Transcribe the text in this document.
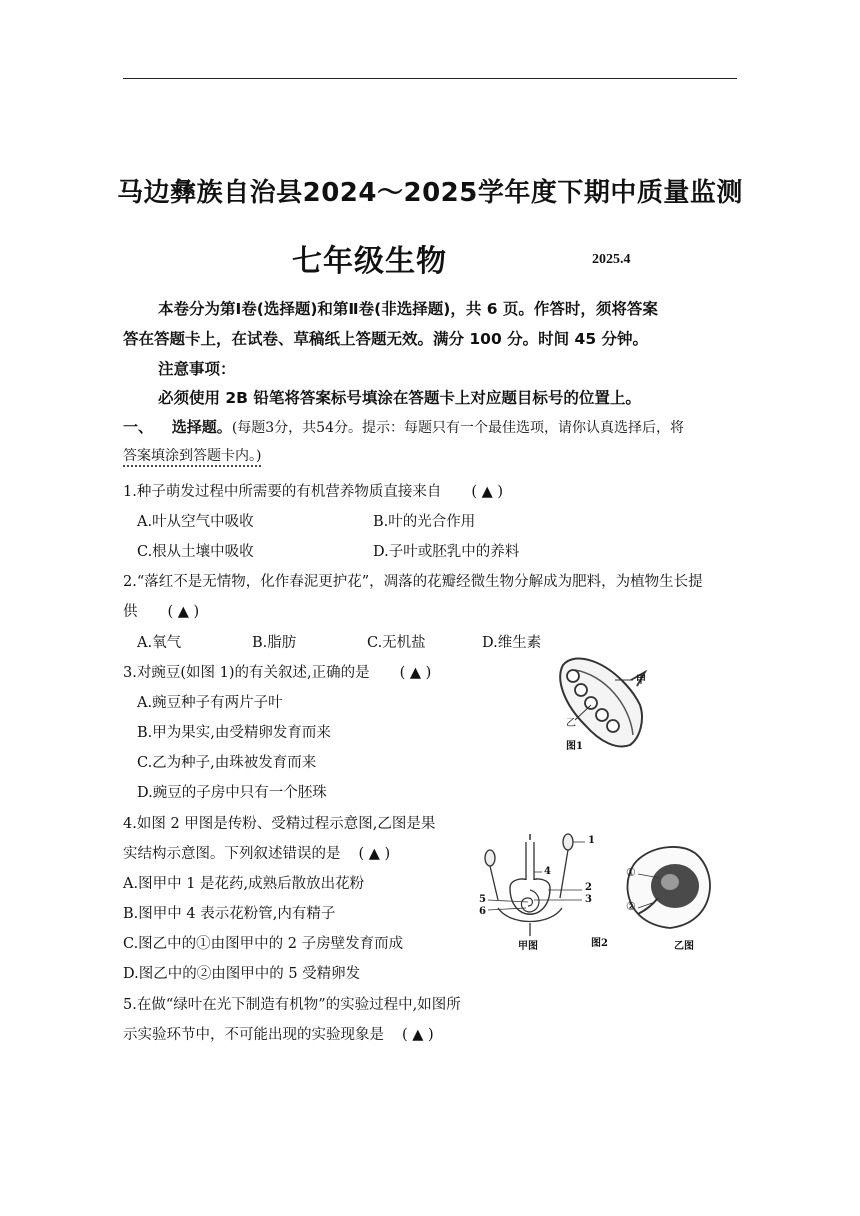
马边彝族自治县2024～2025学年度下期中质量监测
七年级生物	2025.4
本卷分为第Ⅰ卷(选择题)和第Ⅱ卷(非选择题)，共 6 页。作答时，须将答案
答在答题卡上，在试卷、草稿纸上答题无效。满分 100 分。时间 45 分钟。
注意事项：
必须使用 2B 铅笔将答案标号填涂在答题卡上对应题目标号的位置上。
一、 选择题。(每题3分，共54分。提示：每题只有一个最佳选项，请你认真选择后，将
答案填涂到答题卡内。)
1.种子萌发过程中所需要的有机营养物质直接来自 ( ▲ )
A.叶从空气中吸收	B.叶的光合作用
C.根从土壤中吸收	D.子叶或胚乳中的养料
2.“落红不是无情物，化作春泥更护花”，凋落的花瓣经微生物分解成为肥料，为植物生长提
供 ( ▲ )
A.氧气	B.脂肪	C.无机盐	D.维生素
3.对豌豆(如图 1)的有关叙述,正确的是 ( ▲ )
A.豌豆种子有两片子叶
B.甲为果实,由受精卵发育而来
C.乙为种子,由珠被发育而来
D.豌豆的子房中只有一个胚珠
甲
乙
图1
4.如图 2 甲图是传粉、受精过程示意图,乙图是果
实结构示意图。下列叙述错误的是 ( ▲ )
A.图甲中 1 是花药,成熟后散放出花粉
B.图甲中 4 表示花粉管,内有精子
C.图乙中的①由图甲中的 2 子房壁发育而成
D.图乙中的②由图甲中的 5 受精卵发
1
2
3
4
5
6
①
②
甲图	图2	乙图
5.在做“绿叶在光下制造有机物”的实验过程中,如图所
示实验环节中，不可能出现的实验现象是 ( ▲ )
